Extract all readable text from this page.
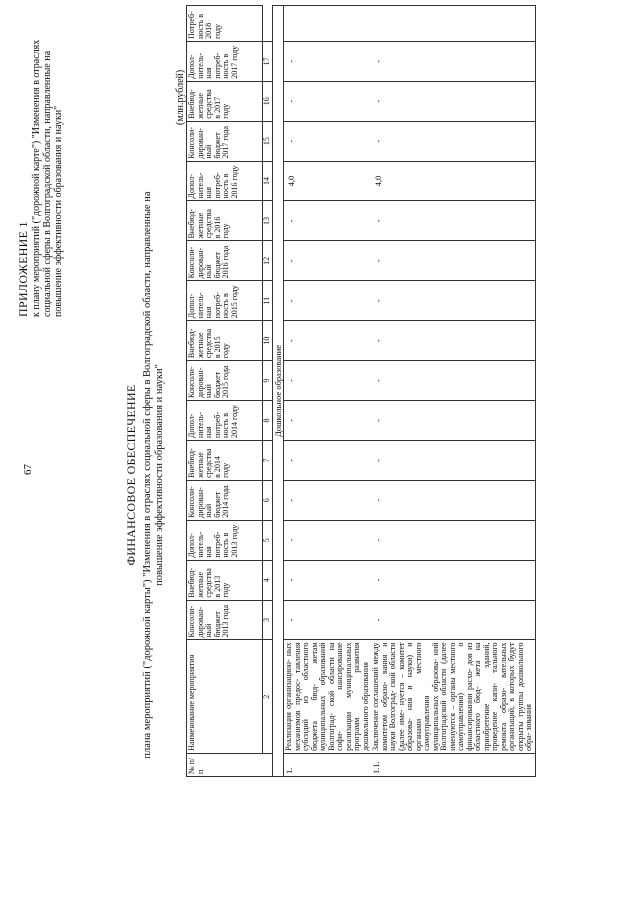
67
ПРИЛОЖЕНИЕ 1 к плану мероприятий ("дорожной карте") "Изменения в отраслях социальной сферы в Волгоградской области, направленные на повышение эффективности образования и науки"
ФИНАНСОВОЕ ОБЕСПЕЧЕНИЕ плана мероприятий ("дорожной карты") "Изменения в отраслях социальной сферы в Волгоградской области, направленные на повышение эффективности образования и науки"
(млн.рублей)
№ п/п	Наименование мероприятия	Консоли- дирован- ный бюджет 2013 года	Внебюд- жетные средства в 2013 году	Допол- нитель- ная потреб- ность в 2013 году	Консоли- дирован- ный бюджет 2014 года	Внебюд- жетные средства в 2014 году	Допол- нитель- ная потреб- ность в 2014 году	Консоли- дирован- ный бюджет 2015 года	Внебюд- жетные средства в 2015 году	Допол- нитель- ная потреб- ность в 2015 году	Консоли- дирован- ный бюджет 2016 года	Внебюд- жетные средства в 2016 году	Допол- нитель- ная потреб- ность в 2016 году	Консоли- дирован- ный бюджет 2017 года	Внебюд- жетные средства в 2017 году	Допол- нитель- ная потреб- ность в 2017 году	Потреб- ность в 2018 году
	2	3	4	5	6	7	8	9	10	11	12	13	14	15	16	17
Дошкольное образование																	
1.	Реализация организацион- ных механизмов предос- тавления субсидий из областного бюджета бюд- жетам муниципальных образований Волгоград- ской области на софи- нансирование реализации муниципальных программ развития дошкольного образования	-	-	-	-	-	-	-	-	-	-	-	4,0	-	-	-	
1.1.	Заключение соглашений между комитетом образо- вания и науки Волгоград- ской области (далее име- нуется – комитет образова- ния и науки) и органами местного самоуправления муниципальных образова- ний Волгоградской области (далее именуются – органы местного самоуправления) о финансировании расхо- дов из областного бюд- жета на приобретение зданий, проведение капи- тального ремонта образо- вательных организаций, в которых будут открыты группы дошкольного обра- зования	-	-	-	-	-	-	-	-	-	-	-	4,0	-	-	-	
